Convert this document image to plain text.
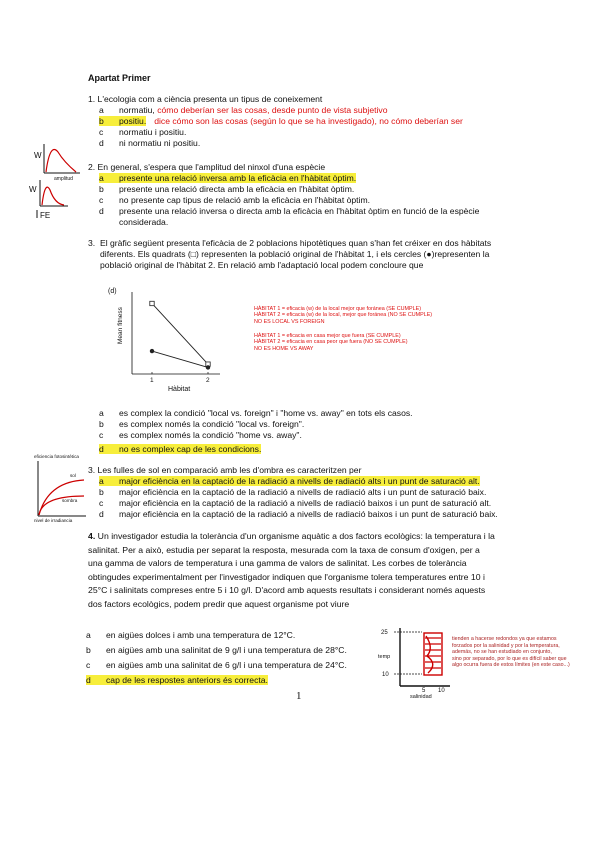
Apartat Primer
1. L'ecologia com a ciència presenta un tipus de coneixement
a normatiu, cómo deberían ser las cosas, desde punto de vista subjetivo
b positiu. dice cómo son las cosas (según lo que se ha investigado), no cómo deberían ser
c normatiu i positiu.
d ni normatiu ni positiu.
W
amplitud
W
FE
2. En general, s'espera que l'amplitud del ninxol d'una espècie
a presente una relació inversa amb la eficàcia en l'hàbitat òptim.
b presente una relació directa amb la eficàcia en l'hàbitat òptim.
c no presente cap tipus de relació amb la eficàcia en l'hàbitat òptim.
d presente una relació inversa o directa amb la eficàcia en l'hàbitat òptim en funció de la espècie
considerada.
3. El gràfic següent presenta l'eficàcia de 2 poblacions hipotètiques quan s'han fet créixer en dos hàbitats
diferents. Els quadrats (□) representen la població original de l'hàbitat 1, i els cercles (●)representen la
població original de l'hàbitat 2. En relació amb l'adaptació local podem concloure que
(d)
Mean fitness
1	2
Hàbitat
HÀBITAT 1 = eficacia (w) de la local mejor que foránea (SE CUMPLE)
HÀBITAT 2 = eficacia (w) de la local, mejor que foránea (NO SE CUMPLE)
NO ES LOCAL VS FOREIGN
HÀBITAT 1 = eficacia en casa mejor que fuera (SE CUMPLE)
HÀBITAT 2 = eficacia en casa peor que fuera (NO SE CUMPLE)
NO ES HOME VS AWAY
a es complex la condició "local vs. foreign" i "home vs. away" en tots els casos.
b es complex només la condició "local vs. foreign".
c es complex només la condició "home vs. away".
d no es complex cap de les condicions.
eficiencia fotosintètica
sol
sombra
nivel de irradiancia
3. Les fulles de sol en comparació amb les d'ombra es caracteritzen per
a major eficiència en la captació de la radiació a nivells de radiació alts i un punt de saturació alt.
b major eficiència en la captació de la radiació a nivells de radiació alts i un punt de saturació baix.
c major eficiència en la captació de la radiació a nivells de radiació baixos i un punt de saturació alt.
d major eficiència en la captació de la radiació a nivells de radiació baixos i un punt de saturació baix.
4. Un investigador estudia la tolerància d'un organisme aquàtic a dos factors ecològics: la temperatura i la
salinitat. Per a això, estudia per separat la resposta, mesurada com la taxa de consum d'oxigen, per a
una gamma de valors de temperatura i una gamma de valors de salinitat. Les corbes de tolerància
obtingudes experimentalment per l'investigador indiquen que l'organisme tolera temperatures entre 10 i
25°C i salinitats compreses entre 5 i 10 g/l. D'acord amb aquests resultats i considerant només aquests
dos factors ecològics, podem predir que aquest organisme pot viure
a en aigües dolces i amb una temperatura de 12°C.
b en aigües amb una salinitat de 9 g/l i una temperatura de 28°C.
c en aigües amb una salinitat de 6 g/l i una temperatura de 24°C.
d cap de les respostes anteriors és correcta.
25
temp
10
5 10
salinidad
tienden a hacerse redondos ya que estamos
forzados por la salinidad y por la temperatura,
además, no se han estudiado en conjunto,
sino por separado, por lo que es difícil saber que
algo ocurra fuera de estos límites (en este caso...)
1
